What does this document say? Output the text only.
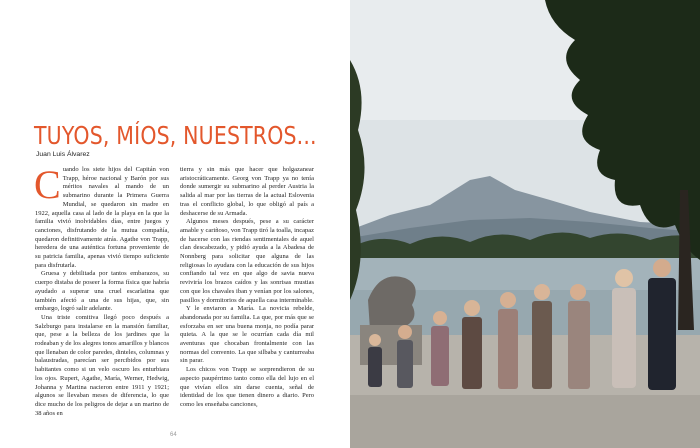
TUYOS, MÍOS, NUESTROS...
Juan Luis Álvarez

Cuando los siete hijos del Capitán von Trapp, héroe nacional y Barón por sus méritos navales al mando de un submarino durante la Primera Guerra Mundial, se quedaron sin madre en 1922, aquella casa al lado de la playa en la que la familia vivió inolvidables días, entre juegos y canciones, disfrutando de la mutua compañía, quedaron definitivamente atrás. Agathe von Trapp, heredera de una auténtica fortuna proveniente de su patricia familia, apenas vivió tiempo suficiente para disfrutarla.

Gruesa y debilitada por tantos embarazos, su cuerpo distaba de poseer la forma física que habría ayudado a superar una cruel escarlatina que también afectó a una de sus hijas, que, sin embargo, logró salir adelante.

Una triste comitiva llegó poco después a Salzburgo para instalarse en la mansión familiar, que, pese a la belleza de los jardines que la rodeaban y de los alegres tonos amarillos y blancos que llenaban de color paredes, dinteles, columnas y balaustradas, parecían ser percibidos por sus habitantes como si un velo oscuro les enturbiara los ojos. Rupert, Agathe, María, Werner, Hedwig, Johanna y Martina nacieron entre 1911 y 1921; algunos se llevaban meses de diferencia, lo que dice mucho de los peligros de dejar a un marino de 38 años en

tierra y sin más que hacer que holgazanear aristocráticamente. Georg von Trapp ya no tenía donde sumergir su submarino al perder Austria la salida al mar por las tierras de la actual Eslovenia tras el conflicto global, lo que obligó al país a deshacerse de su Armada.

Algunos meses después, pese a su carácter amable y cariñoso, von Trapp tiró la toalla, incapaz de hacerse con las riendas sentimentales de aquel clan descabezado, y pidió ayuda a la Abadesa de Nonnberg para solicitar que alguna de las religiosas lo ayudara con la educación de sus hijos confiando tal vez en que algo de savia nueva reviviría los brazos caídos y las sonrisas mustias con que los chavales iban y venían por los salones, pasillos y dormitorios de aquella casa interminable.

Y le enviaron a María. La novicia rebelde, abandonada por su familia. La que, por más que se esforzaba en ser una buena monja, no podía parar quieta. A la que se le ocurrían cada día mil aventuras que chocaban frontalmente con las normas del convento. La que silbaba y canturreaba sin parar.

Los chicos von Trapp se sorprendieron de su aspecto paupérrimo tanto como ella del lujo en el que vivían ellos sin darse cuenta, señal de identidad de los que tienen dinero a diario. Pero como les enseñaba canciones,

64
